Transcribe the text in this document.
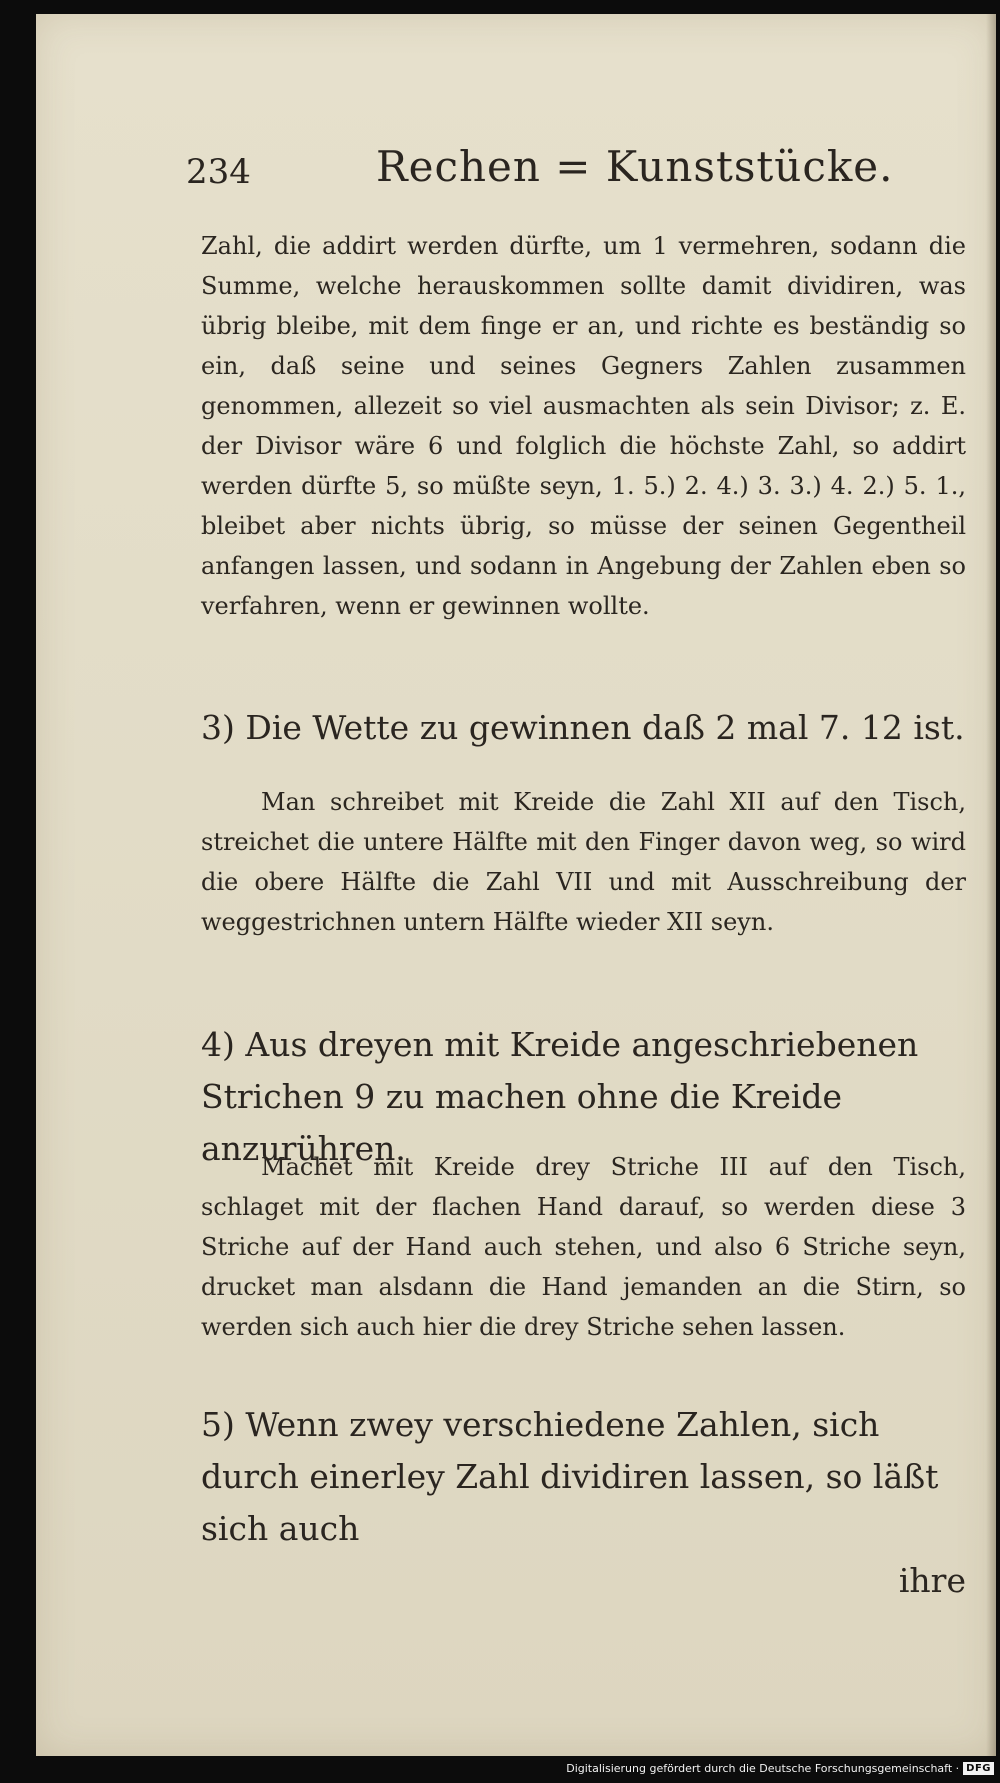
234	Rechen = Kunststücke.

Zahl, die addirt werden dürfte, um 1 vermehren, sodann die Summe, welche herauskommen sollte damit dividiren, was übrig bleibe, mit dem finge er an, und richte es beständig so ein, daß seine und seines Gegners Zahlen zusammen genommen, allezeit so viel ausmachten als sein Divisor; z. E. der Divisor wäre 6 und folglich die höchste Zahl, so addirt werden dürfte 5, so müßte seyn, 1. 5.) 2. 4.) 3. 3.) 4. 2.) 5. 1., bleibet aber nichts übrig, so müsse der seinen Gegentheil anfangen lassen, und sodann in Angebung der Zahlen eben so verfahren, wenn er gewinnen wollte.

3) Die Wette zu gewinnen daß 2 mal 7. 12 ist.

Man schreibet mit Kreide die Zahl XII auf den Tisch, streichet die untere Hälfte mit den Finger davon weg, so wird die obere Hälfte die Zahl VII und mit Ausschreibung der weggestrichnen untern Hälfte wieder XII seyn.

4) Aus dreyen mit Kreide angeschriebenen Strichen 9 zu machen ohne die Kreide anzurühren.

Machet mit Kreide drey Striche III auf den Tisch, schlaget mit der flachen Hand darauf, so werden diese 3 Striche auf der Hand auch stehen, und also 6 Striche seyn, drucket man alsdann die Hand jemanden an die Stirn, so werden sich auch hier die drey Striche sehen lassen.

5) Wenn zwey verschiedene Zahlen, sich durch einerley Zahl dividiren lassen, so läßt sich auch

ihre

Digitalisierung gefördert durch die Deutsche Forschungsgemeinschaft · DFG
